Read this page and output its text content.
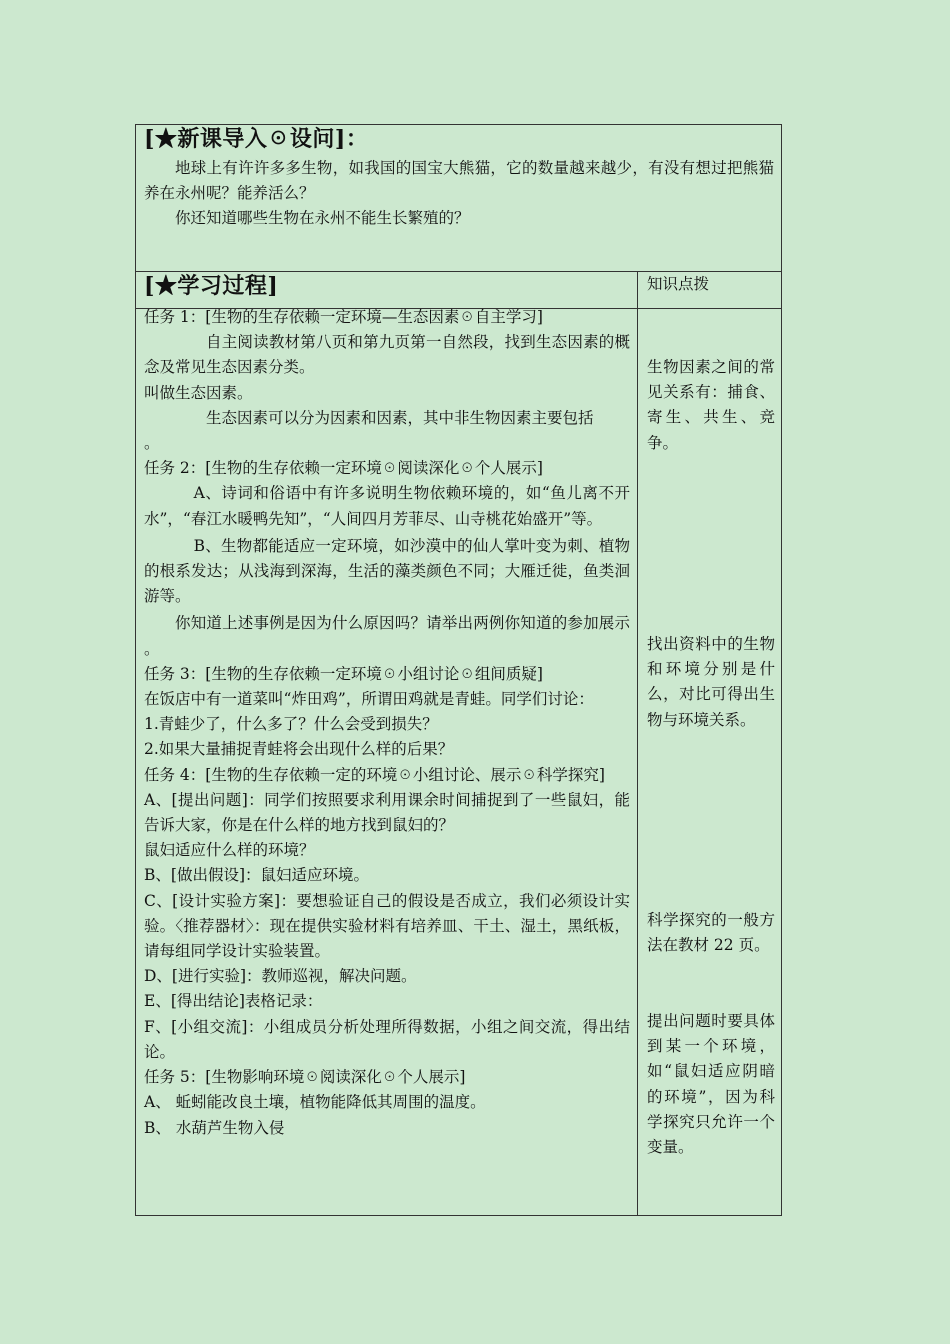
[★新课导入☉设问]：

地球上有许许多多生物，如我国的国宝大熊猫，它的数量越来越少，有没有想过把熊猫养在永州呢？能养活么？

你还知道哪些生物在永州不能生长繁殖的？

[★学习过程]	知识点拨

任务 1：[生物的生存依赖一定环境—生态因素☉自主学习]

自主阅读教材第八页和第九页第一自然段，找到生态因素的概念及常见生态因素分类。

叫做生态因素。

生态因素可以分为因素和因素，其中非生物因素主要包括

。

任务 2：[生物的生存依赖一定环境☉阅读深化☉个人展示]

A、诗词和俗语中有许多说明生物依赖环境的，如“鱼儿离不开水”，“春江水暖鸭先知”，“人间四月芳菲尽、山寺桃花始盛开”等。

B、生物都能适应一定环境，如沙漠中的仙人掌叶变为刺、植物的根系发达；从浅海到深海，生活的藻类颜色不同；大雁迁徙，鱼类洄游等。

你知道上述事例是因为什么原因吗？请举出两例你知道的参加展示 。

任务 3：[生物的生存依赖一定环境☉小组讨论☉组间质疑]

在饭店中有一道菜叫“炸田鸡”，所谓田鸡就是青蛙。同学们讨论：

1.青蛙少了，什么多了？什么会受到损失？

2.如果大量捕捉青蛙将会出现什么样的后果？

任务 4：[生物的生存依赖一定的环境☉小组讨论、展示☉科学探究]

A、[提出问题]：同学们按照要求利用课余时间捕捉到了一些鼠妇，能告诉大家，你是在什么样的地方找到鼠妇的？

鼠妇适应什么样的环境？

B、[做出假设]：鼠妇适应环境。

C、[设计实验方案]：要想验证自己的假设是否成立，我们必须设计实验。〈推荐器材〉：现在提供实验材料有培养皿、干土、湿土，黑纸板，请每组同学设计实验装置。

D、[进行实验]：教师巡视，解决问题。

E、[得出结论]表格记录：

F、[小组交流]：小组成员分析处理所得数据，小组之间交流，得出结论。

任务 5：[生物影响环境☉阅读深化☉个人展示]

A、 蚯蚓能改良土壤，植物能降低其周围的温度。

B、 水葫芦生物入侵

生物因素之间的常见关系有：捕食、寄生、共生、竞争。

找出资料中的生物和环境分别是什么，对比可得出生物与环境关系。

科学探究的一般方法在教材 22 页。

提出问题时要具体到某一个环境，如“鼠妇适应阴暗的环境”，因为科学探究只允许一个变量。
